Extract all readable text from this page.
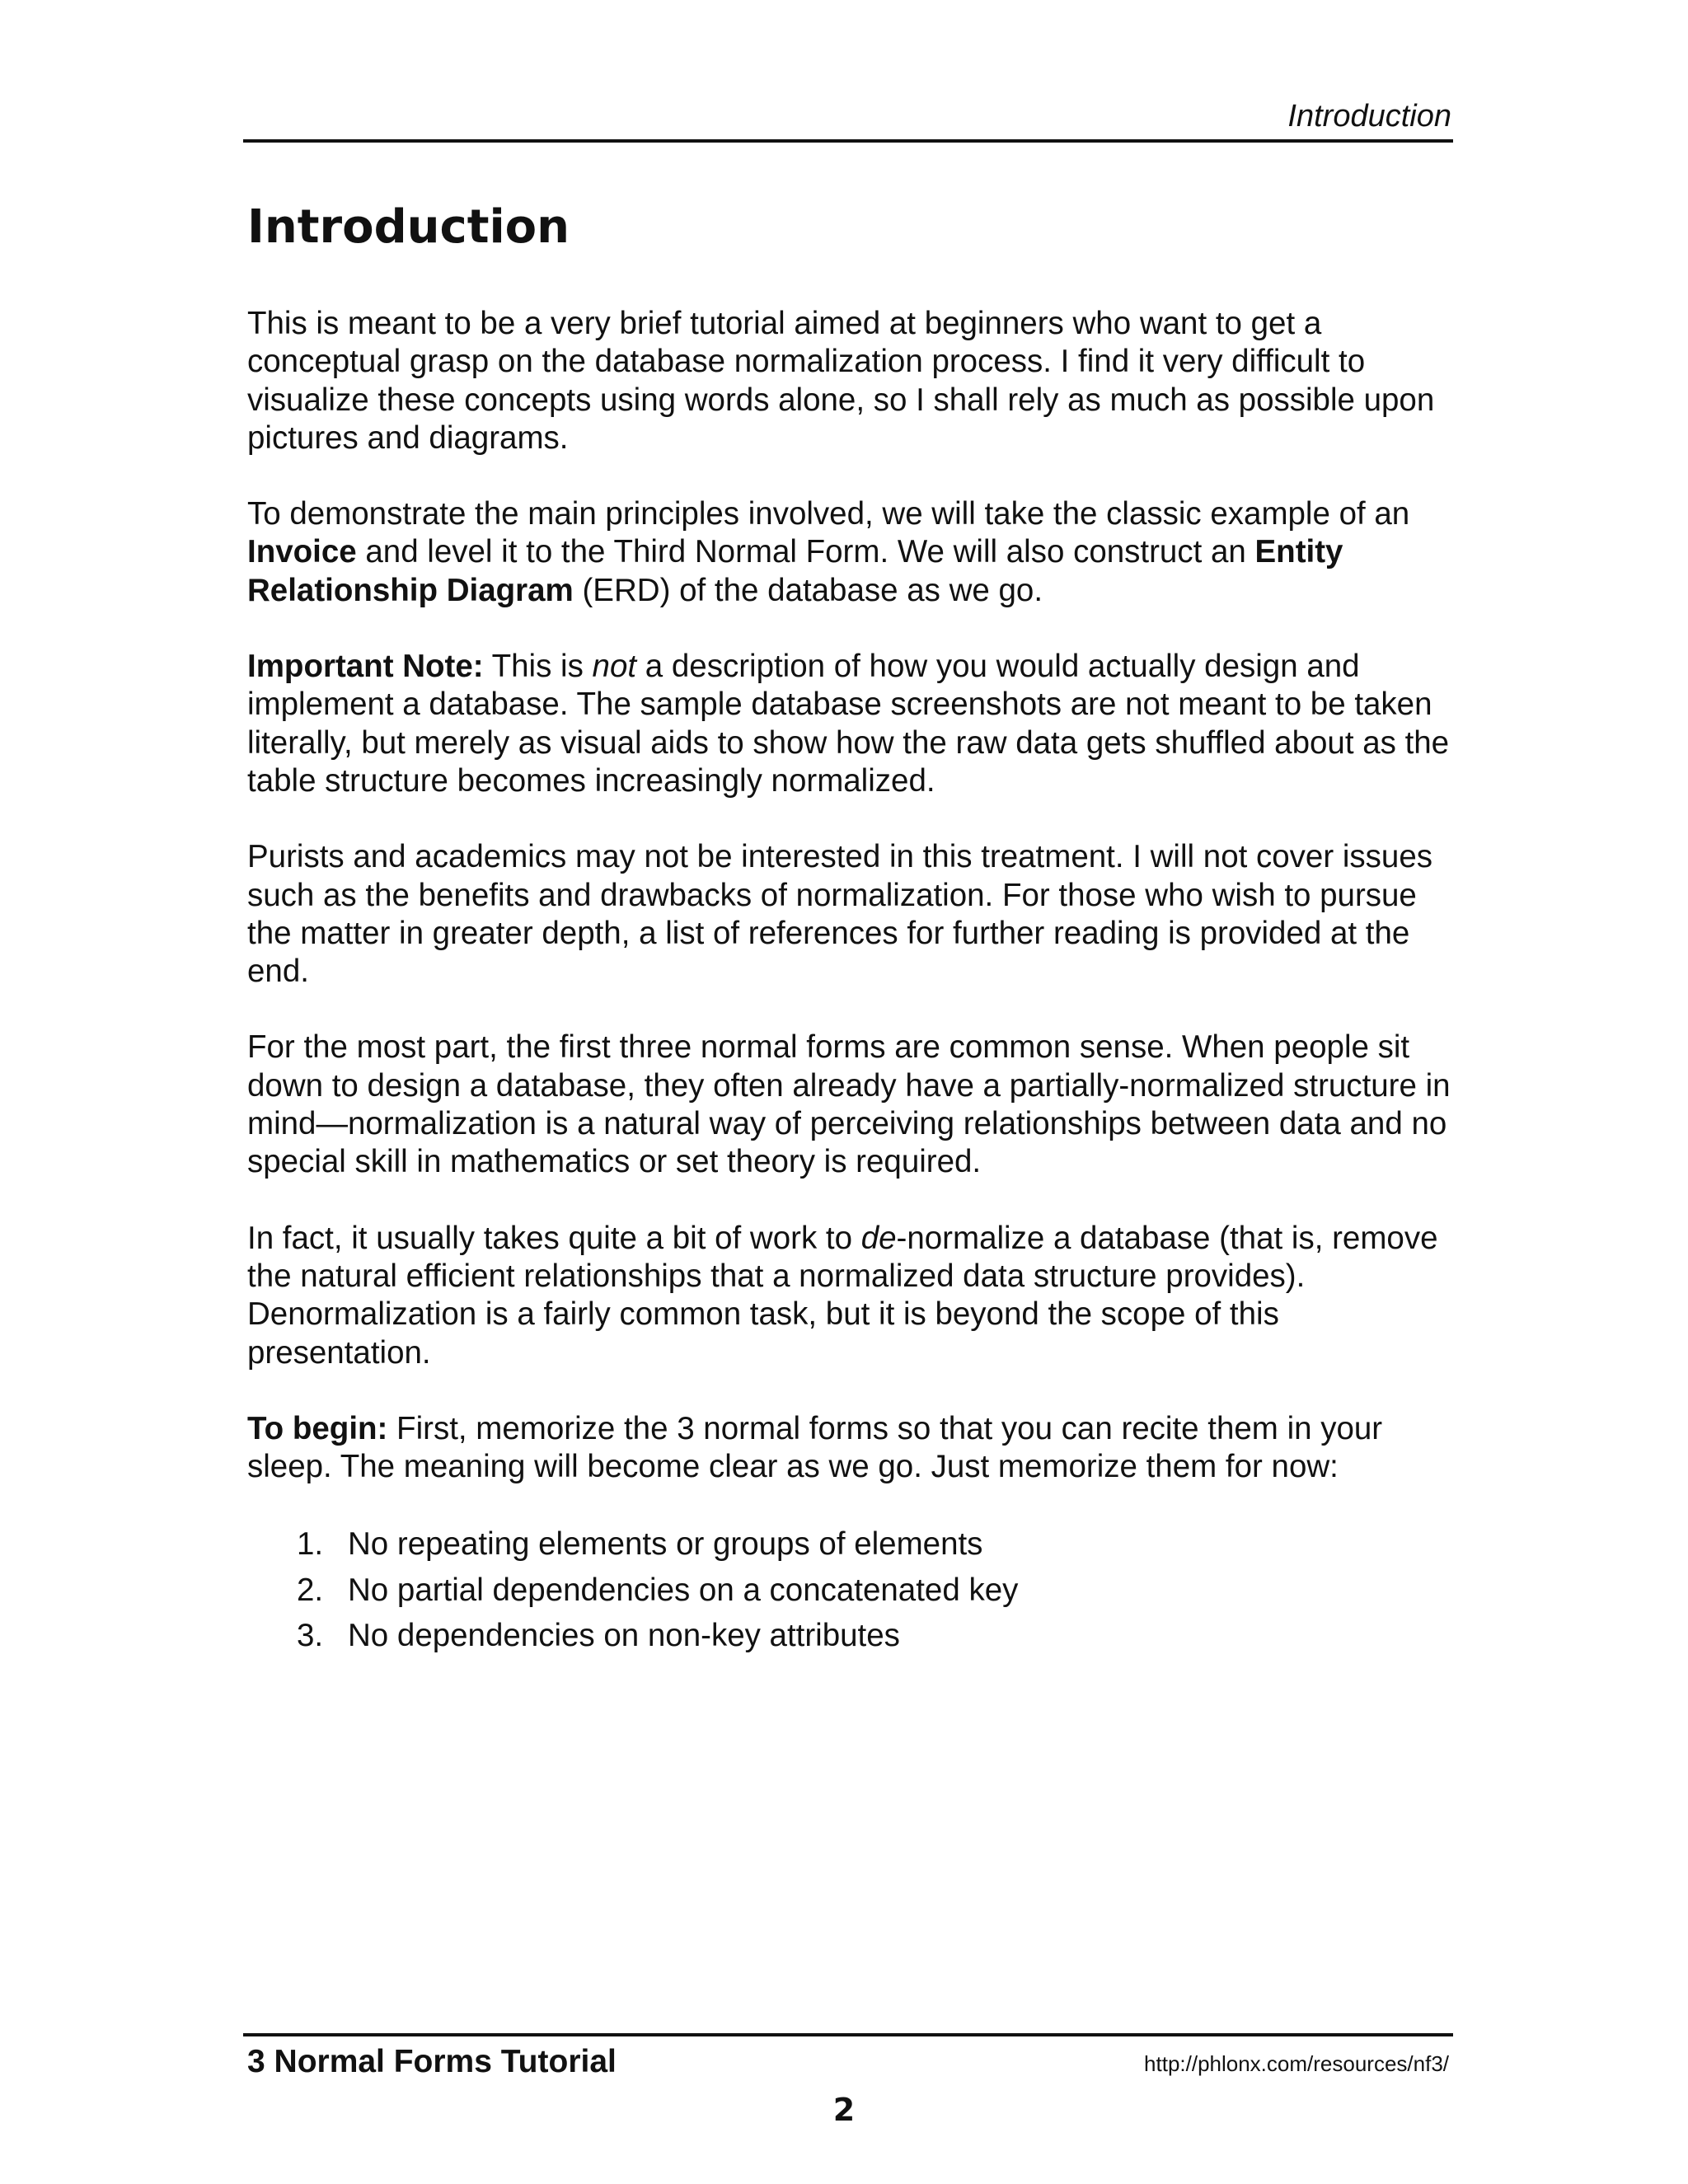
Introduction
Introduction

This is meant to be a very brief tutorial aimed at beginners who want to get a conceptual grasp on the database normalization process. I find it very difficult to visualize these concepts using words alone, so I shall rely as much as possible upon pictures and diagrams.

To demonstrate the main principles involved, we will take the classic example of an Invoice and level it to the Third Normal Form. We will also construct an Entity Relationship Diagram (ERD) of the database as we go.

Important Note: This is not a description of how you would actually design and implement a database. The sample database screenshots are not meant to be taken literally, but merely as visual aids to show how the raw data gets shuffled about as the table structure becomes increasingly normalized.

Purists and academics may not be interested in this treatment. I will not cover issues such as the benefits and drawbacks of normalization. For those who wish to pursue the matter in greater depth, a list of references for further reading is provided at the end.

For the most part, the first three normal forms are common sense. When people sit down to design a database, they often already have a partially-normalized structure in mind—normalization is a natural way of perceiving relationships between data and no special skill in mathematics or set theory is required.

In fact, it usually takes quite a bit of work to de-normalize a database (that is, remove the natural efficient relationships that a normalized data structure provides). Denormalization is a fairly common task, but it is beyond the scope of this presentation.

To begin: First, memorize the 3 normal forms so that you can recite them in your sleep. The meaning will become clear as we go. Just memorize them for now:

1. No repeating elements or groups of elements
2. No partial dependencies on a concatenated key
3. No dependencies on non-key attributes
3 Normal Forms Tutorial	http://phlonx.com/resources/nf3/
2
